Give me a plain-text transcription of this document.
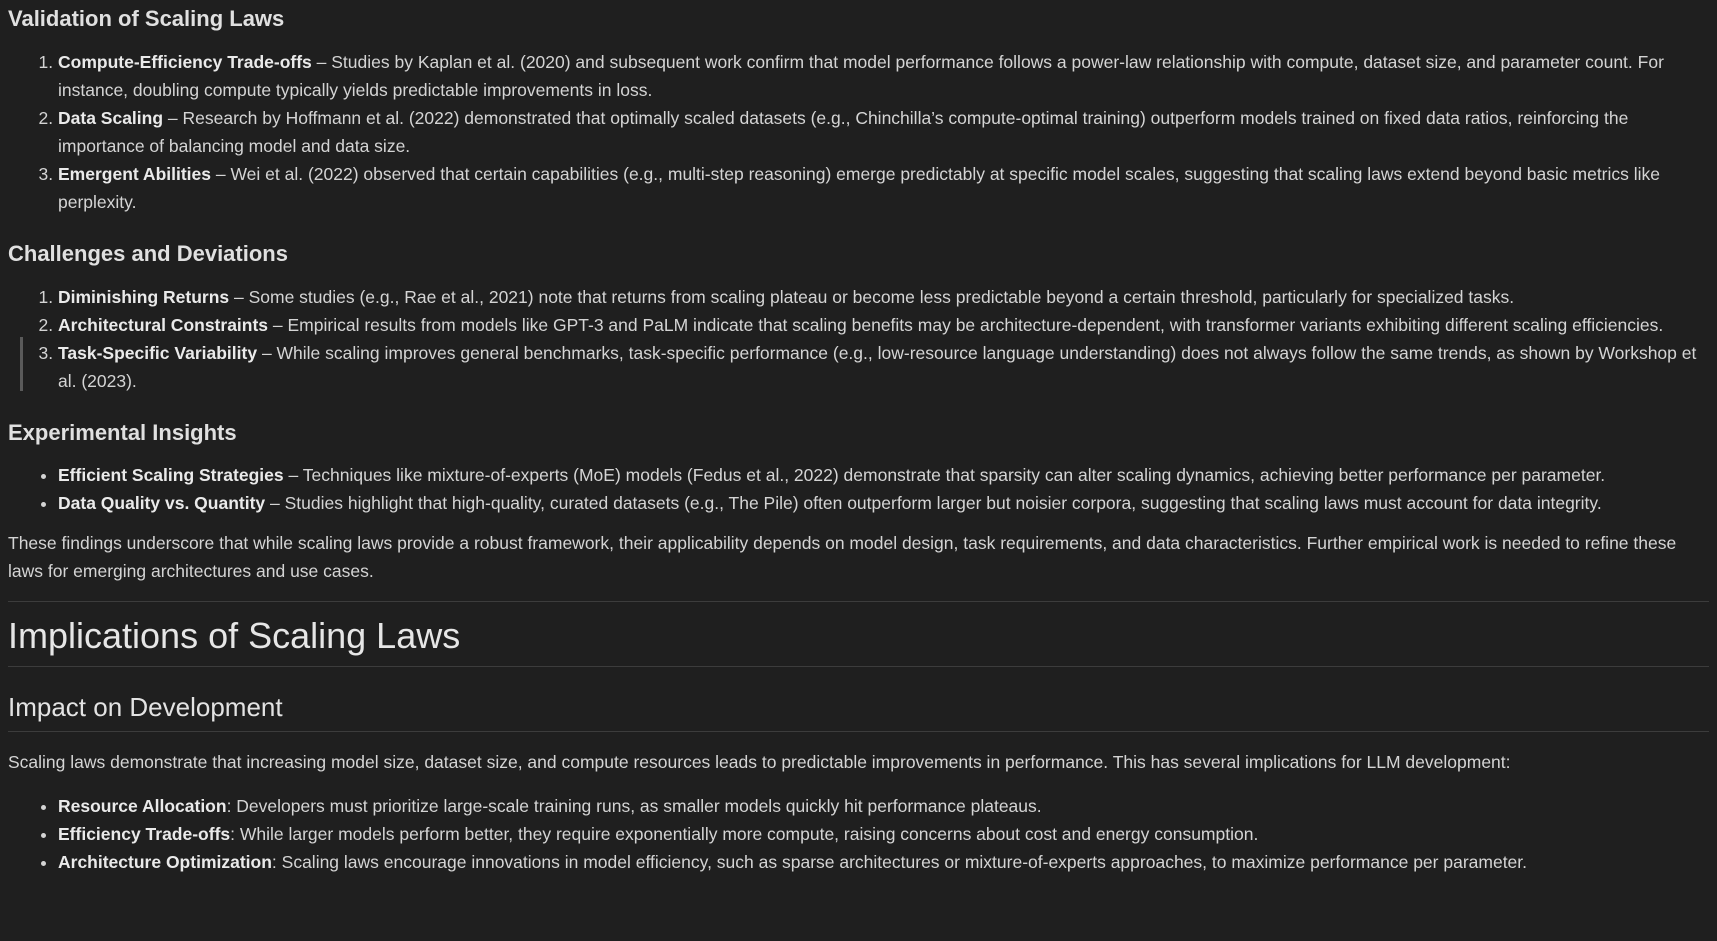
Validation of Scaling Laws
1. Compute-Efficiency Trade-offs – Studies by Kaplan et al. (2020) and subsequent work confirm that model performance follows a power-law relationship with compute, dataset size, and parameter count. For instance, doubling compute typically yields predictable improvements in loss.
2. Data Scaling – Research by Hoffmann et al. (2022) demonstrated that optimally scaled datasets (e.g., Chinchilla’s compute-optimal training) outperform models trained on fixed data ratios, reinforcing the importance of balancing model and data size.
3. Emergent Abilities – Wei et al. (2022) observed that certain capabilities (e.g., multi-step reasoning) emerge predictably at specific model scales, suggesting that scaling laws extend beyond basic metrics like perplexity.
Challenges and Deviations
1. Diminishing Returns – Some studies (e.g., Rae et al., 2021) note that returns from scaling plateau or become less predictable beyond a certain threshold, particularly for specialized tasks.
2. Architectural Constraints – Empirical results from models like GPT-3 and PaLM indicate that scaling benefits may be architecture-dependent, with transformer variants exhibiting different scaling efficiencies.
3. Task-Specific Variability – While scaling improves general benchmarks, task-specific performance (e.g., low-resource language understanding) does not always follow the same trends, as shown by Workshop et al. (2023).
Experimental Insights
• Efficient Scaling Strategies – Techniques like mixture-of-experts (MoE) models (Fedus et al., 2022) demonstrate that sparsity can alter scaling dynamics, achieving better performance per parameter.
• Data Quality vs. Quantity – Studies highlight that high-quality, curated datasets (e.g., The Pile) often outperform larger but noisier corpora, suggesting that scaling laws must account for data integrity.

These findings underscore that while scaling laws provide a robust framework, their applicability depends on model design, task requirements, and data characteristics. Further empirical work is needed to refine these laws for emerging architectures and use cases.

Implications of Scaling Laws
Impact on Development

Scaling laws demonstrate that increasing model size, dataset size, and compute resources leads to predictable improvements in performance. This has several implications for LLM development:

• Resource Allocation: Developers must prioritize large-scale training runs, as smaller models quickly hit performance plateaus.
• Efficiency Trade-offs: While larger models perform better, they require exponentially more compute, raising concerns about cost and energy consumption.
• Architecture Optimization: Scaling laws encourage innovations in model efficiency, such as sparse architectures or mixture-of-experts approaches, to maximize performance per parameter.
